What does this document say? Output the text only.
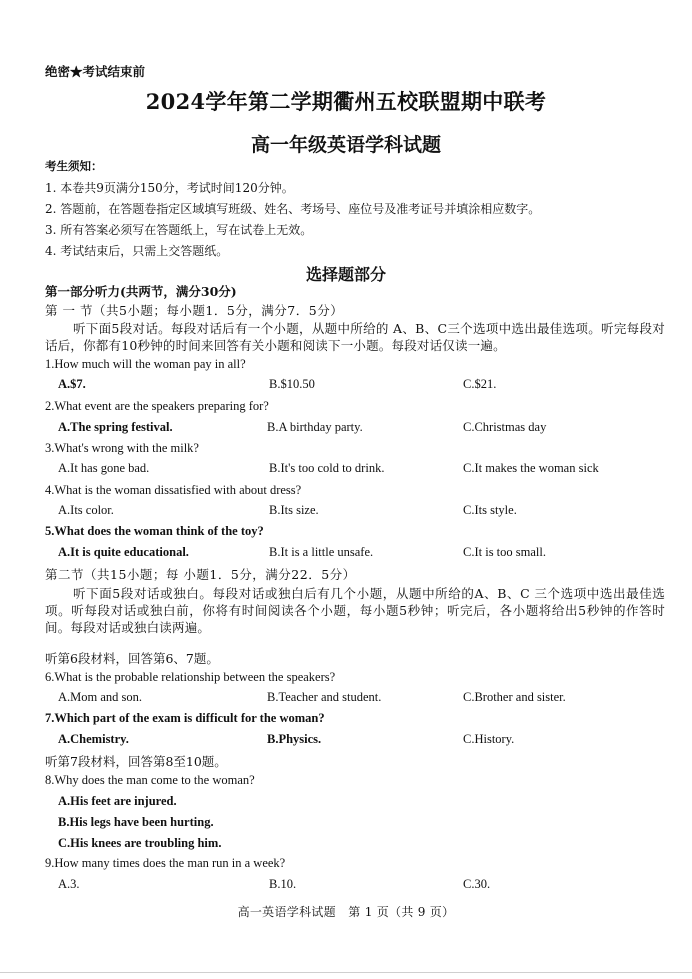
绝密★考试结束前
2024学年第二学期衢州五校联盟期中联考
高一年级英语学科试题
考生须知：
1. 本卷共9页满分150分，考试时间120分钟。
2. 答题前，在答题卷指定区域填写班级、姓名、考场号、座位号及准考证号并填涂相应数字。
3. 所有答案必须写在答题纸上，写在试卷上无效。
4. 考试结束后，只需上交答题纸。
选择题部分
第一部分听力(共两节，满分30分)
第 一 节（共5小题；每小题1．5分，满分7．5分）
听下面5段对话。每段对话后有一个小题，从题中所给的 A、B、C三个选项中选出最佳选项。听完每段对话后，你都有10秒钟的时间来回答有关小题和阅读下一小题。每段对话仅读一遍。
1.How much will the woman pay in all?
A.$7.	B.$10.50	C.$21.
2.What event are the speakers preparing for?
A.The spring festival.	B.A birthday party.	C.Christmas day
3.What's wrong with the milk?
A.It has gone bad.	B.It's too cold to drink.	C.It makes the woman sick
4.What is the woman dissatisfied with about dress?
A.Its color.	B.Its size.	C.Its style.
5.What does the woman think of the toy?
A.It is quite educational.	B.It is a little unsafe.	C.It is too small.
第二节（共15小题；每 小题1．5分，满分22．5分）
听下面5段对话或独白。每段对话或独白后有几个小题，从题中所给的A、B、C 三个选项中选出最佳选项。听每段对话或独白前，你将有时间阅读各个小题，每小题5秒钟；听完后，各小题将给出5秒钟的作答时间。每段对话或独白读两遍。
听第6段材料，回答第6、7题。
6.What is the probable relationship between the speakers?
A.Mom and son.	B.Teacher and student.	C.Brother and sister.
7.Which part of the exam is difficult for the woman?
A.Chemistry.	B.Physics.	C.History.
听第7段材料，回答第8至10题。
8.Why does the man come to the woman?
A.His feet are injured.
B.His legs have been hurting.
C.His knees are troubling him.
9.How many times does the man run in a week?
A.3.	B.10.	C.30.
高一英语学科试题　第 1 页（共 9 页）
